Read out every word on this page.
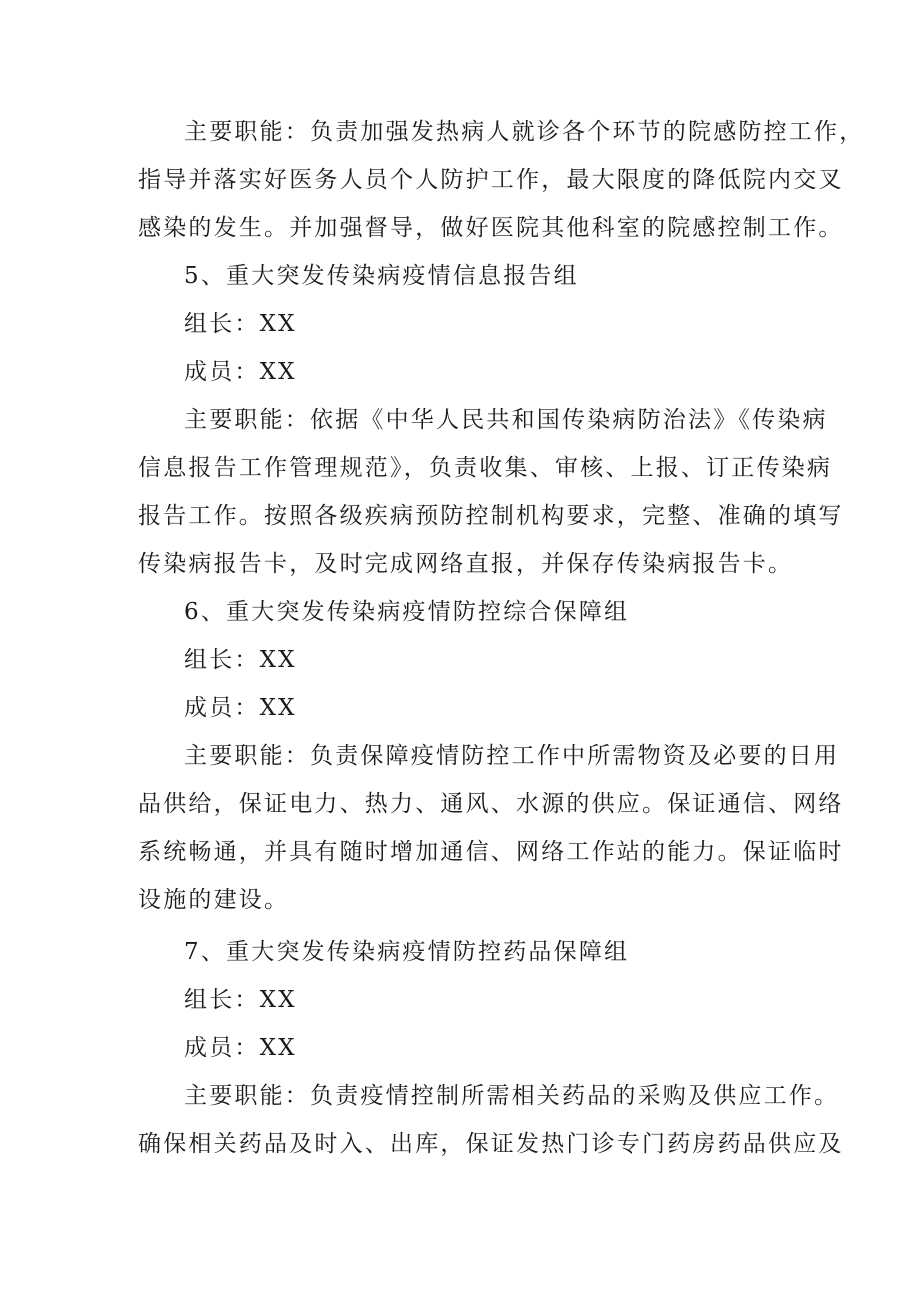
主要职能：负责加强发热病人就诊各个环节的院感防控工作，
指导并落实好医务人员个人防护工作，最大限度的降低院内交叉
感染的发生。并加强督导，做好医院其他科室的院感控制工作。
5、重大突发传染病疫情信息报告组
组长：XX
成员：XX
主要职能：依据《中华人民共和国传染病防治法》《传染病
信息报告工作管理规范》，负责收集、审核、上报、订正传染病
报告工作。按照各级疾病预防控制机构要求，完整、准确的填写
传染病报告卡，及时完成网络直报，并保存传染病报告卡。
6、重大突发传染病疫情防控综合保障组
组长：XX
成员：XX
主要职能：负责保障疫情防控工作中所需物资及必要的日用
品供给，保证电力、热力、通风、水源的供应。保证通信、网络
系统畅通，并具有随时增加通信、网络工作站的能力。保证临时
设施的建设。
7、重大突发传染病疫情防控药品保障组
组长：XX
成员：XX
主要职能：负责疫情控制所需相关药品的采购及供应工作。
确保相关药品及时入、出库，保证发热门诊专门药房药品供应及
